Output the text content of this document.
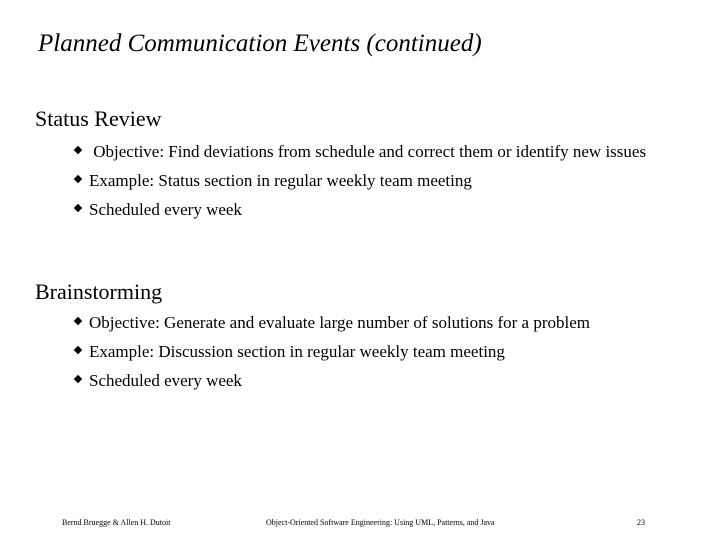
Planned Communication Events (continued)
Status Review
Objective: Find deviations from schedule and correct them or identify new issues
Example: Status section in regular weekly team meeting
Scheduled every week
Brainstorming
Objective: Generate and evaluate large number of solutions for a problem
Example: Discussion section in regular weekly team meeting
Scheduled every week
Bernd Bruegge & Allen H. Dutoit	Object-Oriented Software Engineering: Using UML, Patterns, and Java	23
